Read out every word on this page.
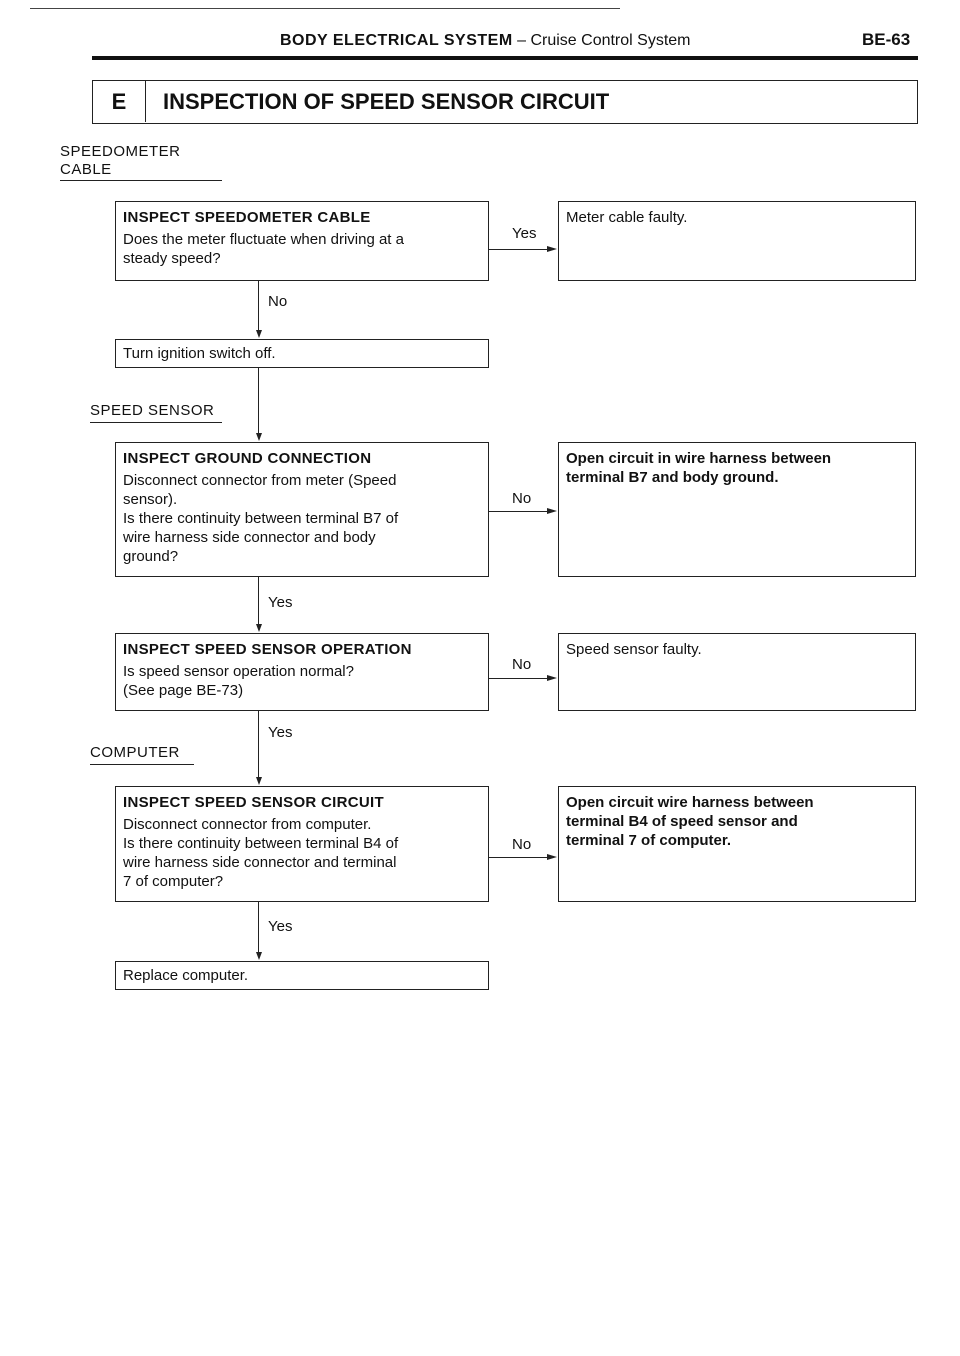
BODY ELECTRICAL SYSTEM – Cruise Control System	BE-63
E	INSPECTION OF SPEED SENSOR CIRCUIT
SPEEDOMETER
CABLE
SPEED SENSOR
COMPUTER
INSPECT SPEEDOMETER CABLE
Does the meter fluctuate when driving at a
steady speed?
Yes
Meter cable faulty.
No
Turn ignition switch off.
INSPECT GROUND CONNECTION
Disconnect connector from meter (Speed
sensor).
Is there continuity between terminal B7 of
wire harness side connector and body
ground?
No
Open circuit in wire harness between
terminal B7 and body ground.
Yes
INSPECT SPEED SENSOR OPERATION
Is speed sensor operation normal?
(See page BE-73)
No
Speed sensor faulty.
Yes
INSPECT SPEED SENSOR CIRCUIT
Disconnect connector from computer.
Is there continuity between terminal B4 of
wire harness side connector and terminal
7 of computer?
No
Open circuit wire harness between
terminal B4 of speed sensor and
terminal 7 of computer.
Yes
Replace computer.
